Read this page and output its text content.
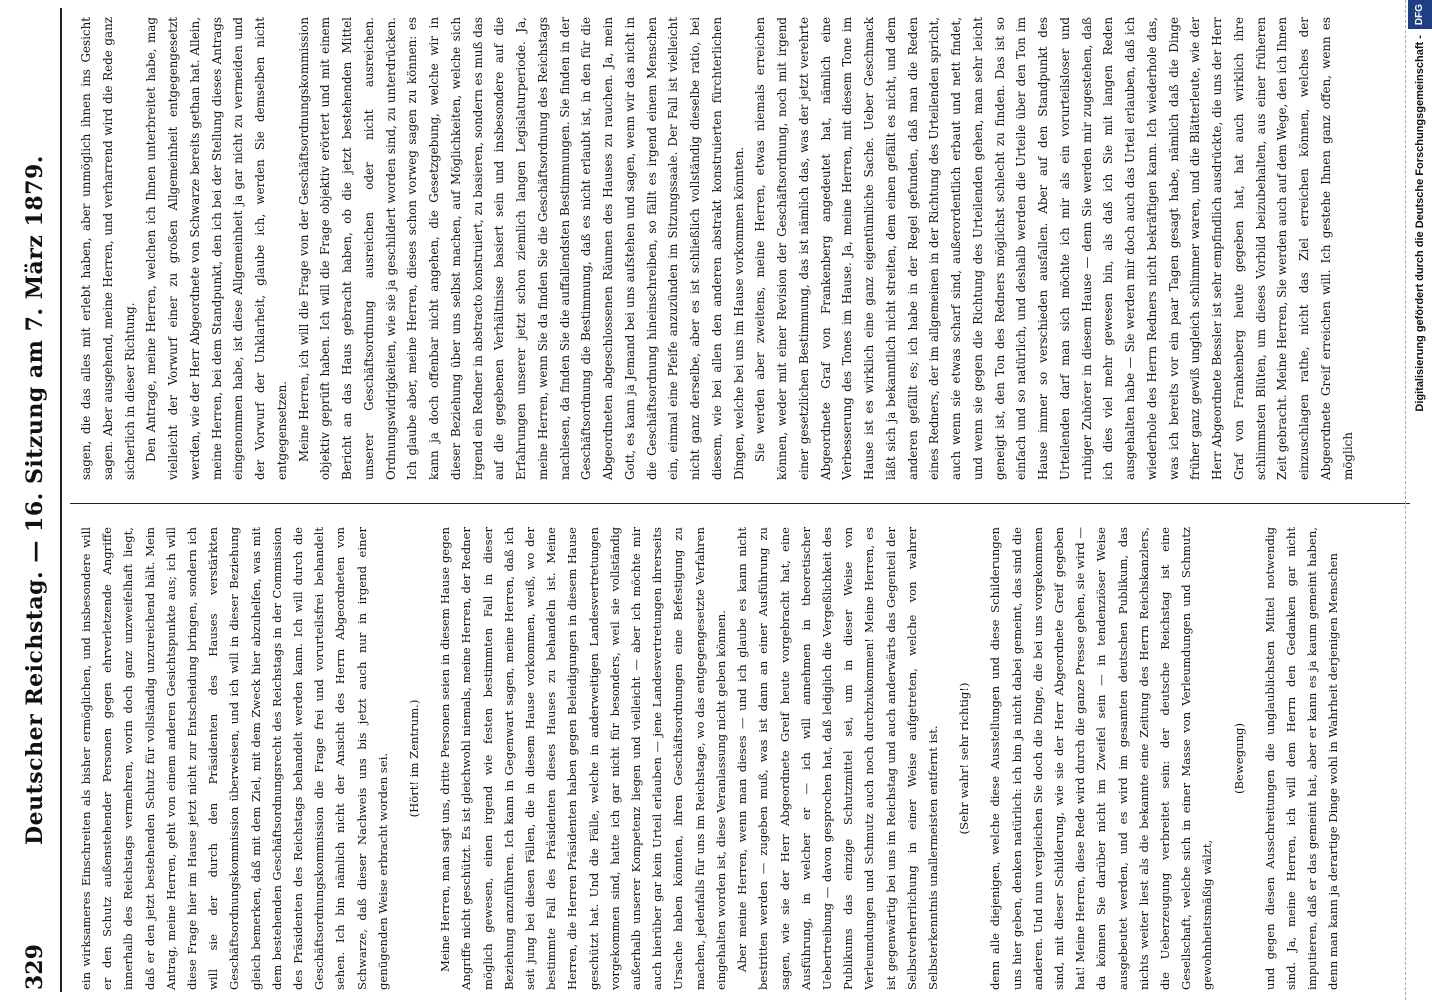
329
Deutscher Reichstag. — 16. Sitzung am 7. März 1879.	ein wirksameres Einschreiten als bisher ermöglichen, und insbesondere will er den Schutz außenstehender Personen gegen ehrverletzende Angriffe innerhalb des Reichstags vermehren, worin doch ganz unzweifelhaft liegt, daß er den jetzt bestehenden Schutz für vollständig unzureichend hält. Mein Antrag, meine Herren, geht von einem anderen Gesichtspunkte aus; ich will diese Frage hier im Hause jetzt nicht zur Entscheidung bringen, sondern ich will sie der durch den Präsidenten des Hauses verstärkten Geschäftsordnungskommission überweisen, und ich will in dieser Beziehung gleich bemerken, daß mit dem Ziel, mit dem Zweck hier abzuhelfen, was mit dem bestehenden Geschäftsordnungsrecht des Reichstags in der Commission des Präsidenten des Reichstags behandelt werden kann. Ich will durch die Geschäftsordnungskommission die Frage frei und vorurteilsfrei behandelt sehen. Ich bin nämlich nicht der Ansicht des Herrn Abgeordneten von Schwarze, daß dieser Nachweis uns bis jetzt auch nur in irgend einer genügenden Weise erbracht worden sei.	(Hört! im Zentrum.)	Meine Herren, man sagt uns, dritte Personen seien in diesem Hause gegen Angriffe nicht geschützt. Es ist gleichwohl niemals, meine Herren, der Redner möglich gewesen, einen irgend wie festen bestimmten Fall in dieser Beziehung anzuführen. Ich kann in Gegenwart sagen, meine Herren, daß ich seit jung bei diesen Fällen, die in diesem Hause vorkommen, weiß, wo der bestimmte Fall des Präsidenten dieses Hauses zu behandeln ist. Meine Herren, die Herren Präsidenten haben gegen Beleidigungen in diesem Hause geschützt hat. Und die Fälle, welche in anderweitigen Landesvertretungen vorgekommen sind, hatte ich gar nicht für besonders, weil sie vollständig außerhalb unserer Kompetenz liegen und vielleicht — aber ich möchte mir auch hierüber gar kein Urteil erlauben — jene Landesvertretungen ihrerseits Ursache haben könnten, ihren Geschäftsordnungen eine Befestigung zu machen, jedenfalls für uns im Reichstage, wo das entgegengesetzte Verfahren eingehalten worden ist, diese Veranlassung nicht geben können. Aber meine Herren, wenn man dieses — und ich glaube es kann nicht bestritten werden — zugeben muß, was ist dann an einer Ausführung zu sagen, wie sie der Herr Abgeordnete Greif heute vorgebracht hat, eine Ausführung, in welcher er — ich will annehmen in theoretischer Uebertreibung — davon gesprochen hat, daß lediglich die Vergeßlichkeit des Publikums das einzige Schutzmittel sei, um in dieser Weise von Verleumdungen und Schmutz auch noch durchzukommen! Meine Herren, es ist gegenwärtig bei uns im Reichstag und auch anderwärts das Gegenteil der Selbstverherrlichung in einer Weise aufgetreten, welche von wahrer Selbsterkenntnis unallermeisten entfernt ist.	(Sehr wahr! sehr richtig!)	denn alle diejenigen, welche diese Ausstellungen und diese Schilderungen uns hier geben, denken natürlich: ich bin ja nicht dabei gemeint, das sind die anderen. Und nun vergleichen Sie doch die Dinge, die bei uns vorgekommen sind, mit dieser Schilderung, wie sie der Herr Abgeordnete Greif gegeben hat! Meine Herren, diese Rede wird durch die ganze Presse gehen, sie wird — da können Sie darüber nicht im Zweifel sein — in tendenziöser Weise ausgebeutet werden, und es wird im gesamten deutschen Publikum, das nichts weiter liest als die bekannte eine Zeitung des Herrn Reichskanzlers, die Ueberzeugung verbreitet sein: der deutsche Reichstag ist eine Gesellschaft, welche sich in einer Masse von Verleumdungen und Schmutz gewohnheitsmäßig wälzt,

(Bewegung)	und gegen diesen Ausschreitungen die unglaublichsten Mittel notwendig sind. Ja, meine Herren, ich will dem Herrn den Gedanken gar nicht imputieren, daß er das gemeint hat, aber er kann es ja kaum gemeint haben, denn man kann ja derartige Dinge wohl in Wahrheit derjenigen Menschen

sagen, die das alles mit erlebt haben, aber unmöglich ihnen ins Gesicht sagen. Aber ausgehend, meine Herren, und verharrend wird die Rede ganz sicherlich in dieser Richtung. Den Antrage, meine Herren, welchen ich Ihnen unterbreitet habe, mag vielleicht der Vorwurf einer zu großen Allgemeinheit entgegengesetzt werden, wie der Herr Abgeordnete von Schwarze bereits gethan hat. Allein, meine Herren, bei dem Standpunkt, den ich bei der Stellung dieses Antrags eingenommen habe, ist diese Allgemeinheit ja gar nicht zu vermeiden und der Vorwurf der Unklarheit, glaube ich, werden Sie demselben nicht entgegensetzen. Meine Herren, ich will die Frage von der Geschäftsordnungskommission objektiv geprüft haben. Ich will die Frage objektiv erörtert und mit einem Bericht an das Haus gebracht haben, ob die jetzt bestehenden Mittel unserer Geschäftsordnung ausreichen oder nicht ausreichen. Ordnungswidrigkeiten, wie sie ja geschildert worden sind, zu unterdrücken. Ich glaube aber, meine Herren, dieses schon vorweg sagen zu können: es kann ja doch offenbar nicht angehen, die Gesetzgebung, welche wir in dieser Beziehung über uns selbst machen, auf Möglichkeiten, welche sich irgend ein Redner in abstracto konstruiert, zu basieren, sondern es muß das auf die gegebenen Verhältnisse basiert sein und insbesondere auf die Erfahrungen unserer jetzt schon ziemlich langen Legislaturperiode. Ja, meine Herren, wenn Sie da finden Sie die Geschäftsordnung des Reichstags nachlesen, da finden Sie die auffallendsten Bestimmungen. Sie finden in der Geschäftsordnung die Bestimmung, daß es nicht erlaubt ist, in den für die Abgeordneten abgeschlossenen Räumen des Hauses zu rauchen. Ja, mein Gott, es kann ja Jemand bei uns aufstehen und sagen, wenn wir das nicht in die Geschäftsordnung hineinschreiben, so fällt es irgend einem Menschen ein, einmal eine Pfeife anzuzünden im Sitzungssaale. Der Fall ist vielleicht nicht ganz derselbe, aber es ist schließlich vollständig dieselbe ratio, bei diesem, wie bei allen den anderen abstrakt konstruierten fürchterlichen Dingen, welche bei uns im Hause vorkommen könnten. Sie werden aber zweitens, meine Herren, etwas niemals erreichen können, weder mit einer Revision der Geschäftsordnung, noch mit irgend einer gesetzlichen Bestimmung, das ist nämlich das, was der jetzt verehrte Abgeordnete Graf von Frankenberg angedeutet hat, nämlich eine Verbesserung des Tones im Hause. Ja, meine Herren, mit diesem Tone im Hause ist es wirklich eine ganz eigentümliche Sache. Ueber Geschmack läßt sich ja bekanntlich nicht streiten, dem einen gefällt es nicht, und dem anderen gefällt es; ich habe in der Regel gefunden, daß man die Reden eines Redners, der im allgemeinen in der Richtung des Urteilenden spricht, auch wenn sie etwas scharf sind, außerordentlich erbaut und nett findet, und wenn sie gegen die Richtung des Urteilenden gehen, man sehr leicht geneigt ist, den Ton des Redners möglichst schlecht zu finden. Das ist so einfach und so natürlich, und deshalb werden die Urteile über den Ton im Hause immer so verschieden ausfallen. Aber auf den Standpunkt des Urteilenden darf man sich möchte ich mir als ein vorurteilsloser und ruhiger Zuhörer in diesem Hause — denn Sie werden mir zugestehen, daß ich dies viel mehr gewesen bin, als daß ich Sie mit langen Reden ausgehalten habe — Sie werden mir doch auch das Urteil erlauben, daß ich wiederhole des Herrn Redners nicht bekräftigen kann. Ich wiederhole das, was ich bereits vor ein paar Tagen gesagt habe, nämlich daß die Dinge früher ganz gewiß ungleich schlimmer waren, und die Blätterleute, wie der Herr Abgeordnete Bessler ist sehr empfindlich ausdrückte, die uns der Herr Graf von Frankenberg heute gegeben hat, hat auch wirklich ihre schlimmsten Blüten, um dieses Vorbild beizubehalten, aus einer früheren Zeit gebracht. Meine Herren, Sie werden auch auf dem Wege, den ich Ihnen einzuschlagen rathe, nicht das Ziel erreichen können, welches der Abgeordnete Greif erreichen will. Ich gestehe Ihnen ganz offen, wenn es möglich

Digitalisierung gefördert durch die Deutsche Forschungsgemeinschaft -DFG
